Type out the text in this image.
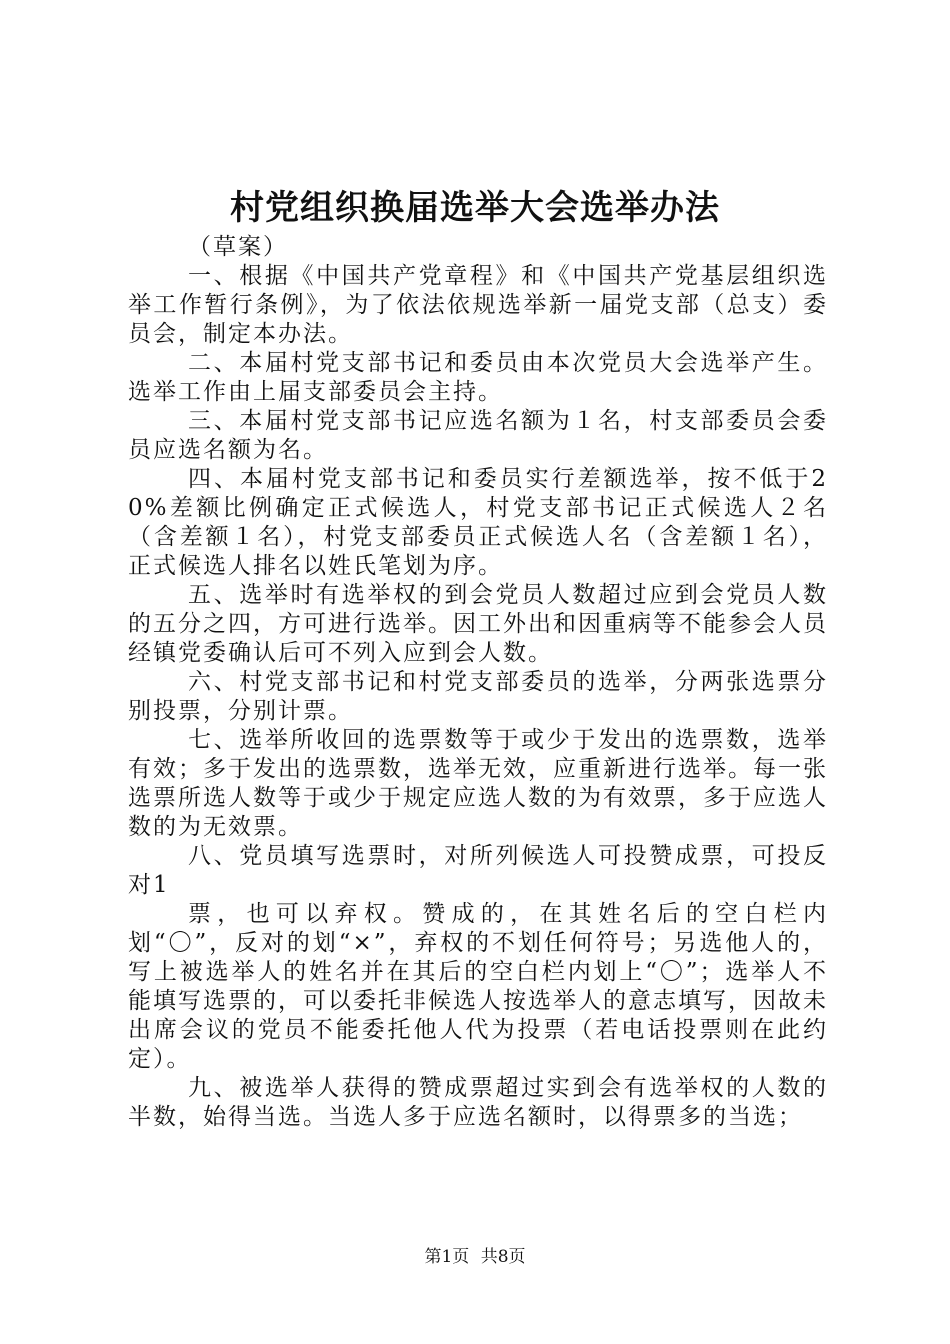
村党组织换届选举大会选举办法

（草案）

一、根据《中国共产党章程》和《中国共产党基层组织选举工作暂行条例》，为了依法依规选举新一届党支部（总支）委员会，制定本办法。

二、本届村党支部书记和委员由本次党员大会选举产生。选举工作由上届支部委员会主持。

三、本届村党支部书记应选名额为１名，村支部委员会委员应选名额为名。

四、本届村党支部书记和委员实行差额选举，按不低于20%差额比例确定正式候选人，村党支部书记正式候选人２名（含差额１名），村党支部委员正式候选人名（含差额１名），正式候选人排名以姓氏笔划为序。

五、选举时有选举权的到会党员人数超过应到会党员人数的五分之四，方可进行选举。因工外出和因重病等不能参会人员经镇党委确认后可不列入应到会人数。

六、村党支部书记和村党支部委员的选举，分两张选票分别投票，分别计票。

七、选举所收回的选票数等于或少于发出的选票数，选举有效；多于发出的选票数，选举无效，应重新进行选举。每一张选票所选人数等于或少于规定应选人数的为有效票，多于应选人数的为无效票。

八、党员填写选票时，对所列候选人可投赞成票，可投反对1

票，也可以弃权。赞成的，在其姓名后的空白栏内划“〇”，反对的划“×”，弃权的不划任何符号；另选他人的，写上被选举人的姓名并在其后的空白栏内划上“〇”；选举人不能填写选票的，可以委托非候选人按选举人的意志填写，因故未出席会议的党员不能委托他人代为投票（若电话投票则在此约定）。

九、被选举人获得的赞成票超过实到会有选举权的人数的半数，始得当选。当选人多于应选名额时，以得票多的当选；

第1页 共8页
